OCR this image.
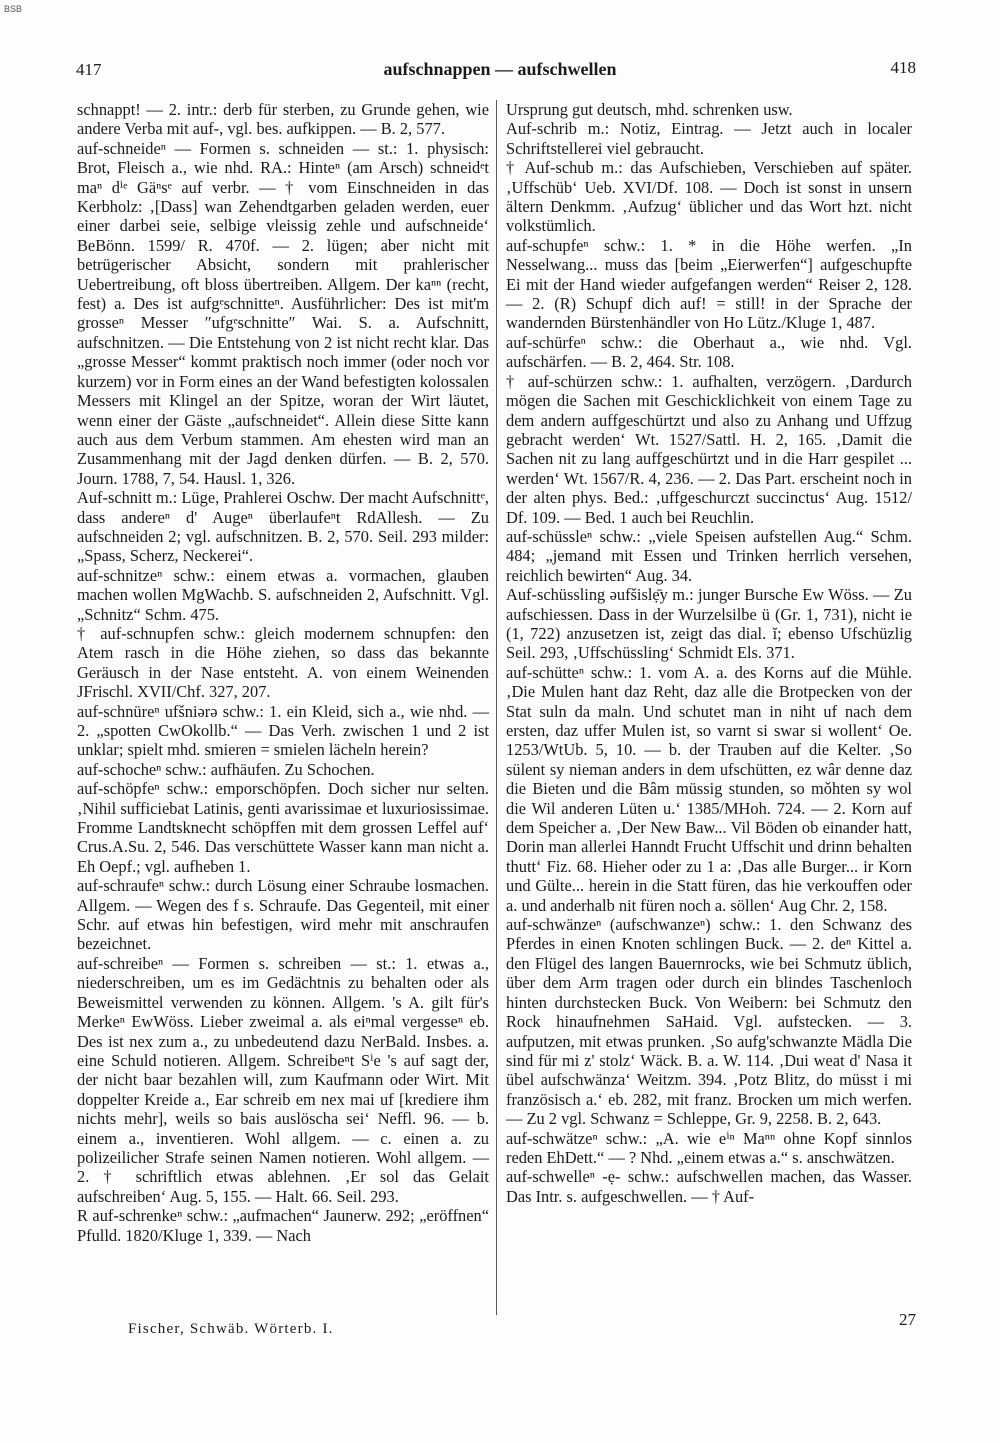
BSB
417	aufschnappen — aufschwellen	418

schnappt! — 2. intr.: derb für sterben, zu Grunde gehen, wie andere Verba mit auf-, vgl. bes. aufkippen. — B. 2, 577.

auf-schneideⁿ — Formen s. schneiden — st.: 1. physisch: Brot, Fleisch a., wie nhd. RA.: Hinteⁿ (am Arsch) schneidᵉt maⁿ dⁱᵉ Gäⁿsᵉ auf verbr. — † vom Einschneiden in das Kerbholz: ‚[Dass] wan Zehendtgarben geladen werden, euer einer darbei seie, selbige vleissig zehle und aufschneide‘ BeBönn. 1599/ R. 470f. — 2. lügen; aber nicht mit betrügerischer Absicht, sondern mit prahlerischer Uebertreibung, oft bloss übertreiben. Allgem. Der kaⁿⁿ (recht, fest) a. Des ist aufgᵉschnitteⁿ. Ausführlicher: Des ist mit'm grosseⁿ Messer ″ufgᵉschnitte″ Wai. S. a. Aufschnitt, aufschnitzen. — Die Entstehung von 2 ist nicht recht klar. Das „grosse Messer“ kommt praktisch noch immer (oder noch vor kurzem) vor in Form eines an der Wand befestigten kolossalen Messers mit Klingel an der Spitze, woran der Wirt läutet, wenn einer der Gäste „aufschneidet“. Allein diese Sitte kann auch aus dem Verbum stammen. Am ehesten wird man an Zusammenhang mit der Jagd denken dürfen. — B. 2, 570. Journ. 1788, 7, 54. Hausl. 1, 326.

Auf-schnitt m.: Lüge, Prahlerei Oschw. Der macht Aufschnittᵉ, dass andereⁿ d' Augeⁿ überlaufeⁿt RdAllesh. — Zu aufschneiden 2; vgl. aufschnitzen. B. 2, 570. Seil. 293 milder: „Spass, Scherz, Neckerei“.

auf-schnitzeⁿ schw.: einem etwas a. vormachen, glauben machen wollen MgWachb. S. aufschneiden 2, Aufschnitt. Vgl. „Schnitz“ Schm. 475.

† auf-schnupfen schw.: gleich modernem schnupfen: den Atem rasch in die Höhe ziehen, so dass das bekannte Geräusch in der Nase entsteht. A. von einem Weinenden JFrischl. XVII/Chf. 327, 207.

auf-schnüreⁿ ufšniərə schw.: 1. ein Kleid, sich a., wie nhd. — 2. „spotten CwOkollb.“ — Das Verh. zwischen 1 und 2 ist unklar; spielt mhd. smieren = smielen lächeln herein?

auf-schocheⁿ schw.: aufhäufen. Zu Schochen.

auf-schöpfeⁿ schw.: emporschöpfen. Doch sicher nur selten. ‚Nihil sufficiebat Latinis, genti avarissimae et luxuriosissimae. Fromme Landtsknecht schöpffen mit dem grossen Leffel auf‘ Crus.A.Su. 2, 546. Das verschüttete Wasser kann man nicht a. Eh Oepf.; vgl. aufheben 1.

auf-schraufeⁿ schw.: durch Lösung einer Schraube losmachen. Allgem. — Wegen des f s. Schraufe. Das Gegenteil, mit einer Schr. auf etwas hin befestigen, wird mehr mit anschraufen bezeichnet.

auf-schreibeⁿ — Formen s. schreiben — st.: 1. etwas a., niederschreiben, um es im Gedächtnis zu behalten oder als Beweismittel verwenden zu können. Allgem. 's A. gilt für's Merkeⁿ EwWöss. Lieber zweimal a. als eiⁿmal vergesseⁿ eb. Des ist nex zum a., zu unbedeutend dazu NerBald. Insbes. a. eine Schuld notieren. Allgem. Schreibeⁿt Sⁱe 's auf sagt der, der nicht baar bezahlen will, zum Kaufmann oder Wirt. Mit doppelter Kreide a., Ear schreib em nex mai uf [krediere ihm nichts mehr], weils so bais auslöscha sei‘ Neffl. 96. — b. einem a., inventieren. Wohl allgem. — c. einen a. zu polizeilicher Strafe seinen Namen notieren. Wohl allgem. — 2. † schriftlich etwas ablehnen. ‚Er sol das Gelait aufschreiben‘ Aug. 5, 155. — Halt. 66. Seil. 293.

R auf-schrenkeⁿ schw.: „aufmachen“ Jaunerw. 292; „eröffnen“ Pfulld. 1820/Kluge 1, 339. — Nach

Ursprung gut deutsch, mhd. schrenken usw.

Auf-schrib m.: Notiz, Eintrag. — Jetzt auch in localer Schriftstellerei viel gebraucht.

† Auf-schub m.: das Aufschieben, Verschieben auf später. ‚Uffschüb‘ Ueb. XVI/Df. 108. — Doch ist sonst in unsern ältern Denkmm. ‚Aufzug‘ üblicher und das Wort hzt. nicht volkstümlich.

auf-schupfeⁿ schw.: 1. * in die Höhe werfen. „In Nesselwang... muss das [beim „Eierwerfen“] aufgeschupfte Ei mit der Hand wieder aufgefangen werden“ Reiser 2, 128. — 2. (R) Schupf dich auf! = still! in der Sprache der wandernden Bürstenhändler von Ho Lütz./Kluge 1, 487.

auf-schürfeⁿ schw.: die Oberhaut a., wie nhd. Vgl. aufschärfen. — B. 2, 464. Str. 108.

† auf-schürzen schw.: 1. aufhalten, verzögern. ‚Dardurch mögen die Sachen mit Geschicklichkeit von einem Tage zu dem andern auffgeschürtzt und also zu Anhang und Uffzug gebracht werden‘ Wt. 1527/Sattl. H. 2, 165. ‚Damit die Sachen nit zu lang auffgeschürtzt und in die Harr gespilet ... werden‘ Wt. 1567/R. 4, 236. — 2. Das Part. erscheint noch in der alten phys. Bed.: ‚uffgeschurczt succinctus‘ Aug. 1512/ Df. 109. — Bed. 1 auch bei Reuchlin.

auf-schüssleⁿ schw.: „viele Speisen aufstellen Aug.“ Schm. 484; „jemand mit Essen und Trinken herrlich versehen, reichlich bewirten“ Aug. 34.

Auf-schüssling əufšislẹ̄y m.: junger Bursche Ew Wöss. — Zu aufschiessen. Dass in der Wurzelsilbe ü (Gr. 1, 731), nicht ie (1, 722) anzusetzen ist, zeigt das dial. ĭ; ebenso Ufschüzlig Seil. 293, ‚Uffschüssling‘ Schmidt Els. 371.

auf-schütteⁿ schw.: 1. vom A. a. des Korns auf die Mühle. ‚Die Mulen hant daz Reht, daz alle die Brotpecken von der Stat suln da maln. Und schutet man in niht uf nach dem ersten, daz uffer Mulen ist, so varnt si swar si wollent‘ Oe. 1253/WtUb. 5, 10. — b. der Trauben auf die Kelter. ‚So sülent sy nieman anders in dem ufschütten, ez wâr denne daz die Bieten und die Bâm müssig stunden, so mǒhten sy wol die Wil anderen Lüten u.‘ 1385/MHoh. 724. — 2. Korn auf dem Speicher a. ‚Der New Baw... Vil Böden ob einander hatt, Dorin man allerlei Hanndt Frucht Uffschit und drinn behalten thutt‘ Fiz. 68. Hieher oder zu 1 a: ‚Das alle Burger... ir Korn und Gülte... herein in die Statt füren, das hie verkouffen oder a. und anderhalb nit füren noch a. söllen‘ Aug Chr. 2, 158.

auf-schwänzeⁿ (aufschwanzeⁿ) schw.: 1. den Schwanz des Pferdes in einen Knoten schlingen Buck. — 2. deⁿ Kittel a. den Flügel des langen Bauernrocks, wie bei Schmutz üblich, über dem Arm tragen oder durch ein blindes Taschenloch hinten durchstecken Buck. Von Weibern: bei Schmutz den Rock hinaufnehmen SaHaid. Vgl. aufstecken. — 3. aufputzen, mit etwas prunken. ‚So aufg'schwanzte Mädla Die sind für mi z' stolz‘ Wäck. B. a. W. 114. ‚Dui weat d' Nasa it übel aufschwänza‘ Weitzm. 394. ‚Potz Blitz, do müsst i mi französisch a.‘ eb. 282, mit franz. Brocken um mich werfen. — Zu 2 vgl. Schwanz = Schleppe, Gr. 9, 2258. B. 2, 643.

auf-schwätzeⁿ schw.: „A. wie eⁱⁿ Maⁿⁿ ohne Kopf sinnlos reden EhDett.“ — ? Nhd. „einem etwas a.“ s. anschwätzen.

auf-schwelleⁿ -ẹ- schw.: aufschwellen machen, das Wasser. Das Intr. s. aufgeschwellen. — † Auf-

Fischer, Schwäb. Wörterb. I.	27
